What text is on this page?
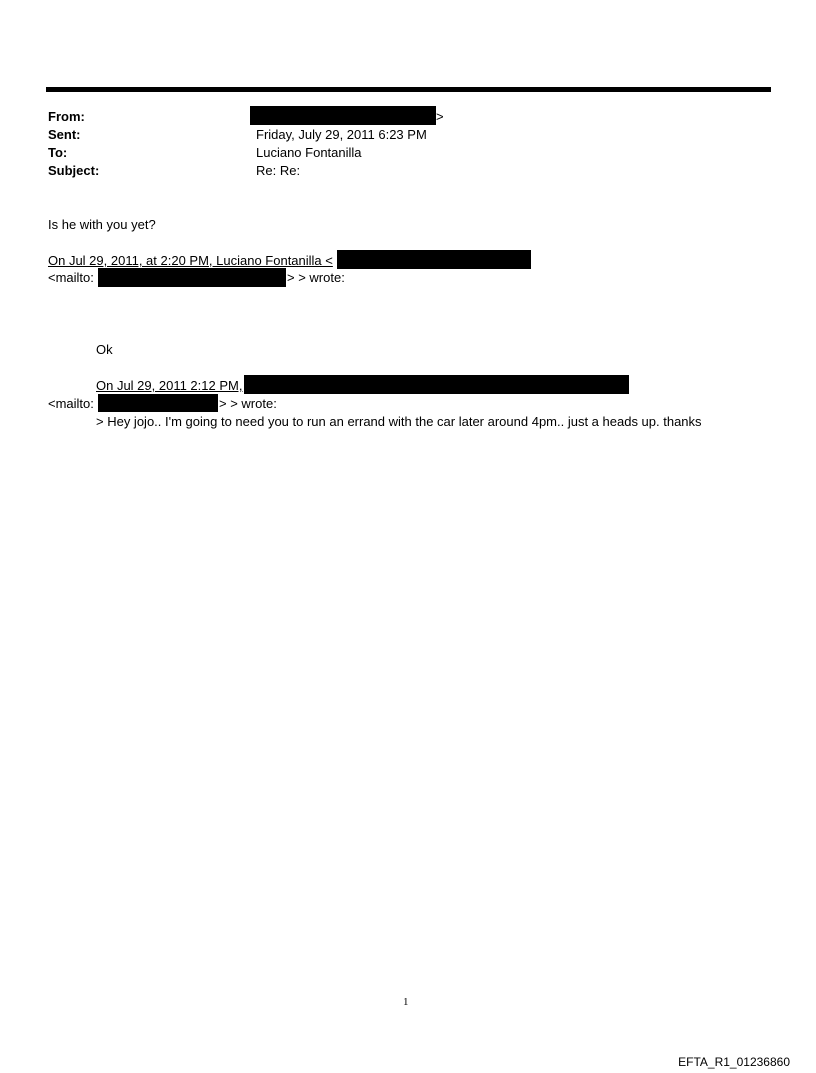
From:	>
Sent:	Friday, July 29, 2011 6:23 PM
To:	Luciano Fontanilla
Subject:	Re: Re:
Is he with you yet?
On Jul 29, 2011, at 2:20 PM, Luciano Fontanilla <
<mailto:	> > wrote:
Ok
On Jul 29, 2011 2:12 PM,
<mailto:	> > wrote:
> Hey jojo.. I'm going to need you to run an errand with the car later around 4pm.. just a heads up. thanks
1
EFTA_R1_01236860
